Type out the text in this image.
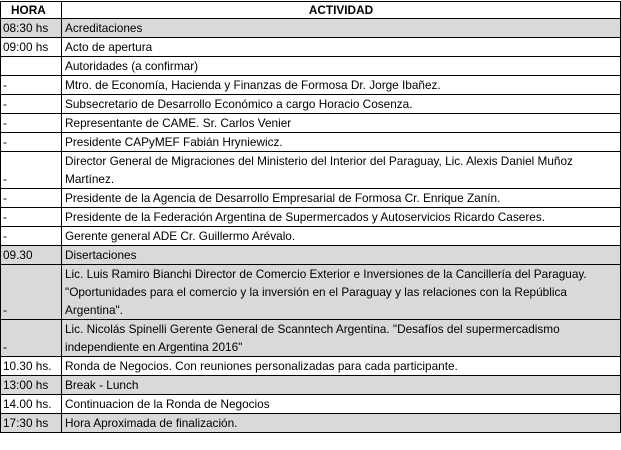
HORA	ACTIVIDAD
08:30 hs	Acreditaciones
09:00 hs	Acto de apertura
	Autoridades (a confirmar)
-	Mtro. de Economía, Hacienda y Finanzas de Formosa Dr. Jorge Ibañez.
-	Subsecretario de Desarrollo Económico a cargo Horacio Cosenza.
-	Representante de CAME. Sr. Carlos Venier
-	Presidente CAPyMEF Fabián Hryniewicz.
-	Director General de Migraciones del Ministerio del Interior del Paraguay, Lic. Alexis Daniel Muñoz Martínez.
-	Presidente de la Agencia de Desarrollo Empresarial de Formosa Cr. Enrique Zanín.
-	Presidente de la Federación Argentina de Supermercados y Autoservicios Ricardo Caseres.
-	Gerente general ADE Cr. Guillermo Arévalo.
09.30	Disertaciones
-	Lic. Luis Ramiro Bianchi Director de Comercio Exterior e Inversiones de la Cancillería del Paraguay. "Oportunidades para el comercio y la inversión en el Paraguay y las relaciones con la República Argentina".
-	Lic. Nicolás Spinelli Gerente General de Scanntech Argentina. "Desafíos del supermercadismo independiente en Argentina 2016"
10.30 hs.	Ronda de Negocios. Con reuniones personalizadas para cada participante.
13:00 hs	Break - Lunch
14.00 hs.	Continuacion de la Ronda de Negocios
17:30 hs	Hora Aproximada de finalización.
